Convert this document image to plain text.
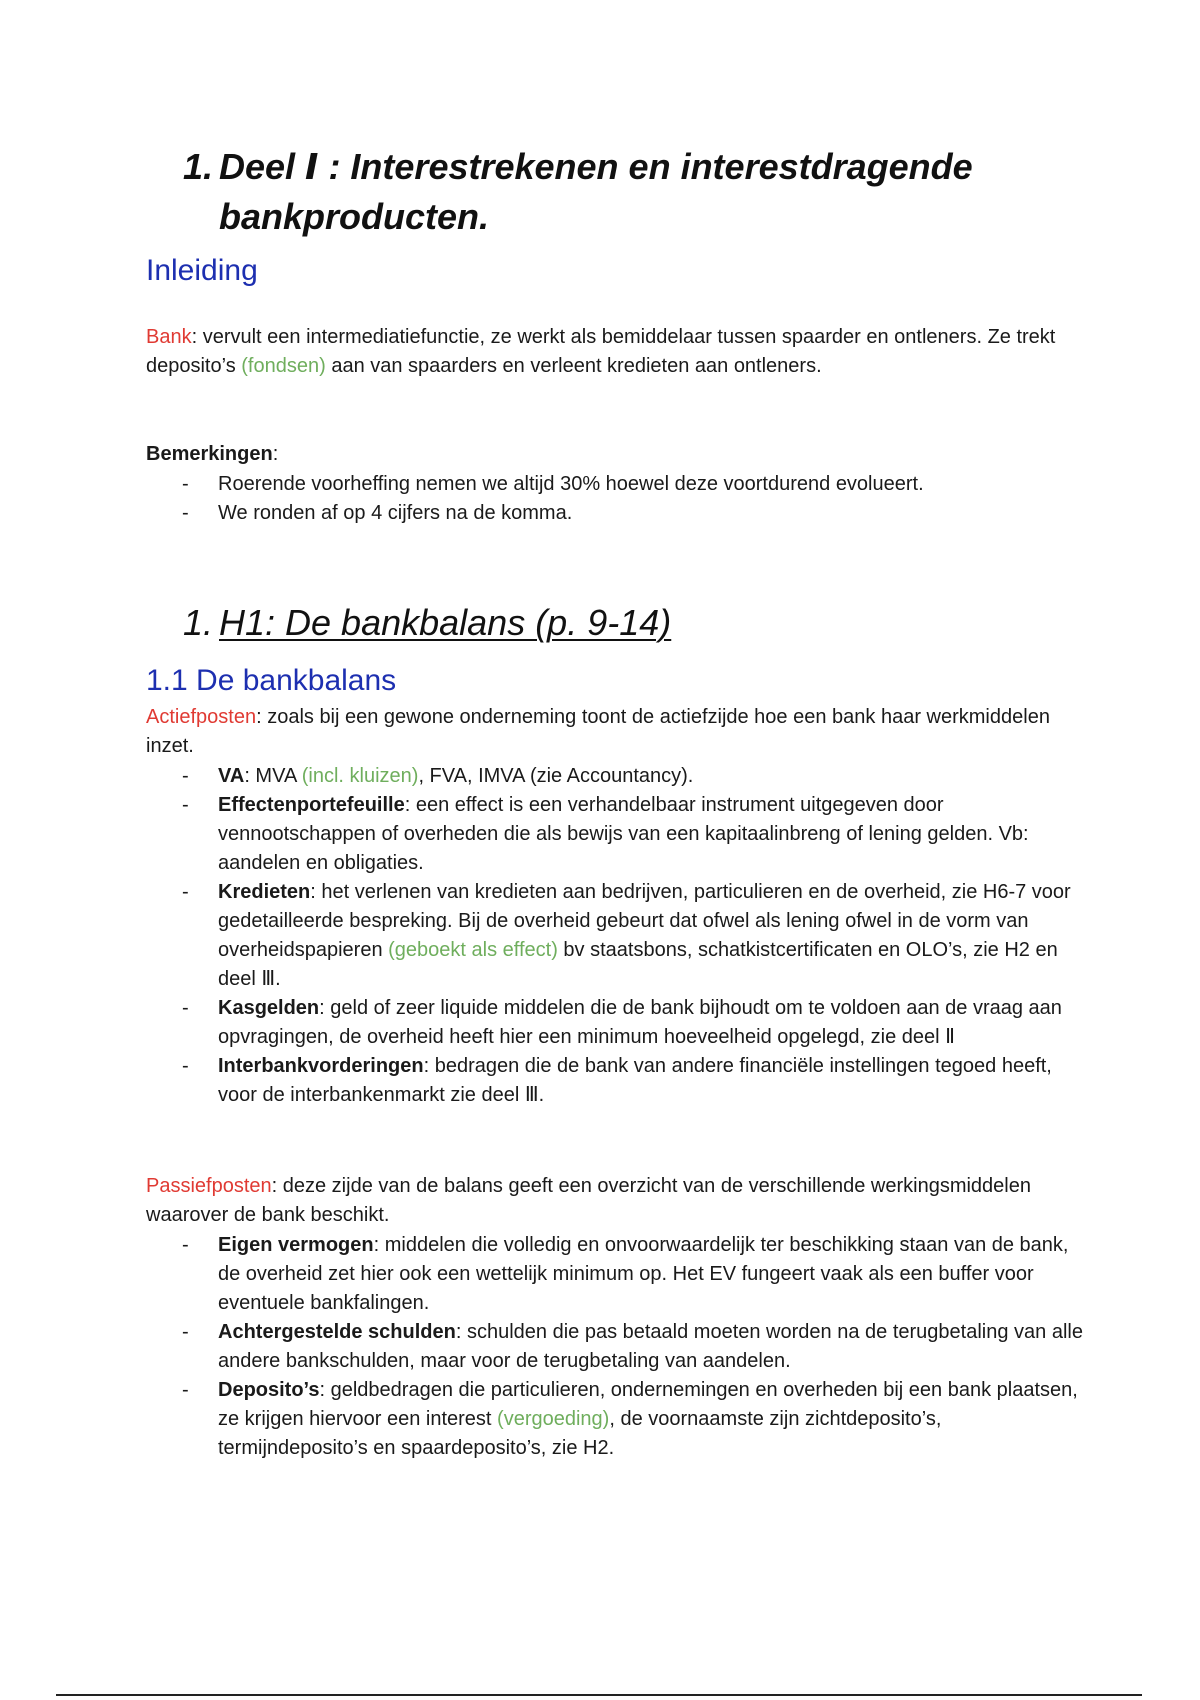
1. Deel Ⅰ : Interestrekenen en interestdragende bankproducten.
Inleiding
Bank: vervult een intermediatiefunctie, ze werkt als bemiddelaar tussen spaarder en ontleners. Ze trekt deposito’s (fondsen) aan van spaarders en verleent kredieten aan ontleners.
Bemerkingen:
- Roerende voorheffing nemen we altijd 30% hoewel deze voortdurend evolueert.
- We ronden af op 4 cijfers na de komma.
1. H1: De bankbalans (p. 9-14)
1.1 De bankbalans
Actiefposten: zoals bij een gewone onderneming toont de actiefzijde hoe een bank haar werkmiddelen inzet.
- VA: MVA (incl. kluizen), FVA, IMVA (zie Accountancy).
- Effectenportefeuille: een effect is een verhandelbaar instrument uitgegeven door vennootschappen of overheden die als bewijs van een kapitaalinbreng of lening gelden. Vb: aandelen en obligaties.
- Kredieten: het verlenen van kredieten aan bedrijven, particulieren en de overheid, zie H6-7 voor gedetailleerde bespreking. Bij de overheid gebeurt dat ofwel als lening ofwel in de vorm van overheidspapieren (geboekt als effect) bv staatsbons, schatkistcertificaten en OLO’s, zie H2 en deel Ⅲ.
- Kasgelden: geld of zeer liquide middelen die de bank bijhoudt om te voldoen aan de vraag aan opvragingen, de overheid heeft hier een minimum hoeveelheid opgelegd, zie deel Ⅱ
- Interbankvorderingen: bedragen die de bank van andere financiële instellingen tegoed heeft, voor de interbankenmarkt zie deel Ⅲ.
Passiefposten: deze zijde van de balans geeft een overzicht van de verschillende werkingsmiddelen waarover de bank beschikt.
- Eigen vermogen: middelen die volledig en onvoorwaardelijk ter beschikking staan van de bank, de overheid zet hier ook een wettelijk minimum op. Het EV fungeert vaak als een buffer voor eventuele bankfalingen.
- Achtergestelde schulden: schulden die pas betaald moeten worden na de terugbetaling van alle andere bankschulden, maar voor de terugbetaling van aandelen.
- Deposito’s: geldbedragen die particulieren, ondernemingen en overheden bij een bank plaatsen, ze krijgen hiervoor een interest (vergoeding), de voornaamste zijn zichtdeposito’s, termijndeposito’s en spaardeposito’s, zie H2.
